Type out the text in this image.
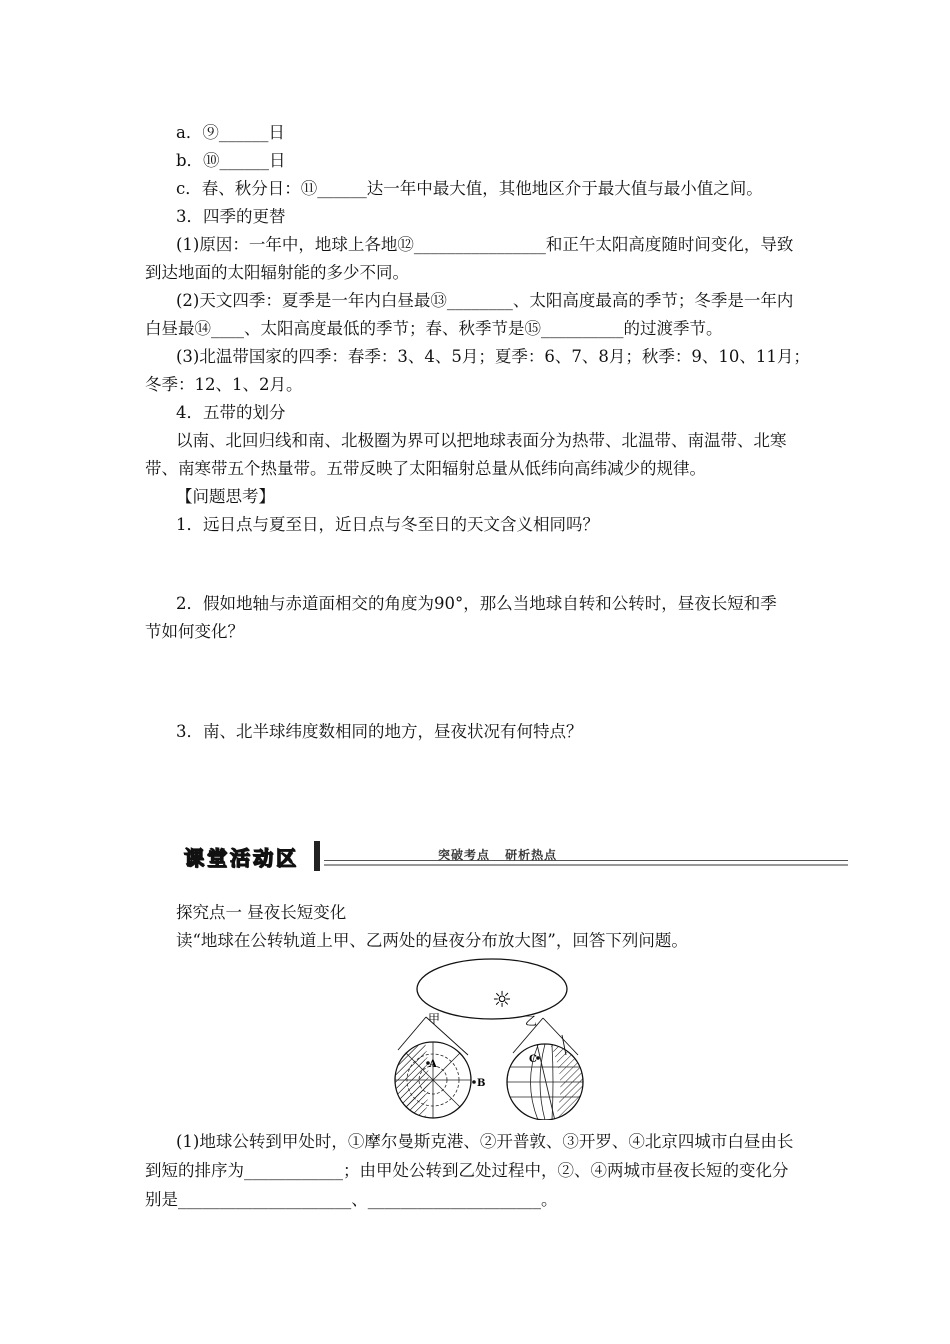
a．⑨______日
b．⑩______日
c．春、秋分日：⑪______达一年中最大值，其他地区介于最大值与最小值之间。
3．四季的更替
(1)原因：一年中，地球上各地⑫________________和正午太阳高度随时间变化，导致
到达地面的太阳辐射能的多少不同。
(2)天文四季：夏季是一年内白昼最⑬________、太阳高度最高的季节；冬季是一年内
白昼最⑭____、太阳高度最低的季节；春、秋季节是⑮__________的过渡季节。
(3)北温带国家的四季：春季：3、4、5月；夏季：6、7、8月；秋季：9、10、11月；
冬季：12、1、2月。
4．五带的划分
以南、北回归线和南、北极圈为界可以把地球表面分为热带、北温带、南温带、北寒
带、南寒带五个热量带。五带反映了太阳辐射总量从低纬向高纬减少的规律。
【问题思考】
1．远日点与夏至日，近日点与冬至日的天文含义相同吗？
2．假如地轴与赤道面相交的角度为90°，那么当地球自转和公转时，昼夜长短和季
节如何变化？
3．南、北半球纬度数相同的地方，昼夜状况有何特点？
课堂活动区	突破考点 研析热点
探究点一 昼夜长短变化
读“地球在公转轨道上甲、乙两处的昼夜分布放大图”，回答下列问题。
☼
甲	乙
A
B
C
(1)地球公转到甲处时，①摩尔曼斯克港、②开普敦、③开罗、④北京四城市白昼由长
到短的排序为____________；由甲处公转到乙处过程中，②、④两城市昼夜长短的变化分
别是_____________________、_____________________。
